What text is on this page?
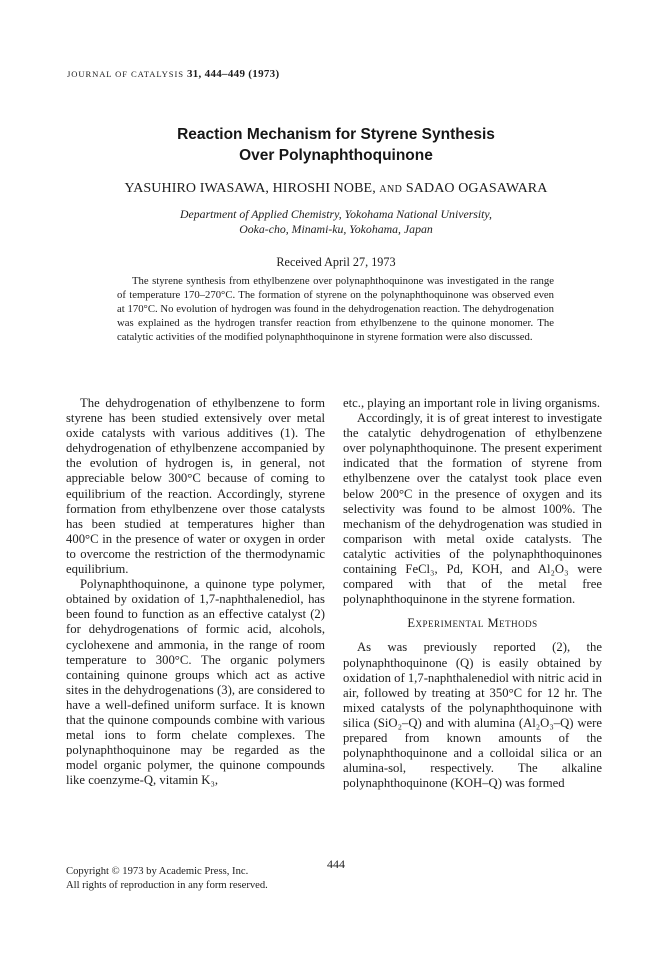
JOURNAL OF CATALYSIS 31, 444–449 (1973)
Reaction Mechanism for Styrene Synthesis
Over Polynaphthoquinone
YASUHIRO IWASAWA, HIROSHI NOBE, AND SADAO OGASAWARA
Department of Applied Chemistry, Yokohama National University,
Ooka-cho, Minami-ku, Yokohama, Japan
Received April 27, 1973

The styrene synthesis from ethylbenzene over polynaphthoquinone was investigated in the range of temperature 170–270°C. The formation of styrene on the polynaphthoquinone was observed even at 170°C. No evolution of hydrogen was found in the dehydrogenation reaction. The dehydrogenation was explained as the hydrogen transfer reaction from ethylbenzene to the quinone monomer. The catalytic activities of the modified polynaphthoquinone in styrene formation were also discussed.

The dehydrogenation of ethylbenzene to form styrene has been studied extensively over metal oxide catalysts with various additives (1). The dehydrogenation of ethylbenzene accompanied by the evolution of hydrogen is, in general, not appreciable below 300°C because of coming to equilibrium of the reaction. Accordingly, styrene formation from ethylbenzene over those catalysts has been studied at temperatures higher than 400°C in the presence of water or oxygen in order to overcome the restriction of the thermodynamic equilibrium.

Polynaphthoquinone, a quinone type polymer, obtained by oxidation of 1,7-naphthalenediol, has been found to function as an effective catalyst (2) for dehydrogenations of formic acid, alcohols, cyclohexene and ammonia, in the range of room temperature to 300°C. The organic polymers containing quinone groups which act as active sites in the dehydrogenations (3), are considered to have a well-defined uniform surface. It is known that the quinone compounds combine with various metal ions to form chelate complexes. The polynaphthoquinone may be regarded as the model organic polymer, the quinone compounds like coenzyme-Q, vitamin K₃,

etc., playing an important role in living organisms.

Accordingly, it is of great interest to investigate the catalytic dehydrogenation of ethylbenzene over polynaphthoquinone. The present experiment indicated that the formation of styrene from ethylbenzene over the catalyst took place even below 200°C in the presence of oxygen and its selectivity was found to be almost 100%. The mechanism of the dehydrogenation was studied in comparison with metal oxide catalysts. The catalytic activities of the polynaphthoquinones containing FeCl₃, Pd, KOH, and Al₂O₃ were compared with that of the metal free polynaphthoquinone in the styrene formation.

Experimental Methods

As was previously reported (2), the polynaphthoquinone (Q) is easily obtained by oxidation of 1,7-naphthalenediol with nitric acid in air, followed by treating at 350°C for 12 hr. The mixed catalysts of the polynaphthoquinone with silica (SiO₂–Q) and with alumina (Al₂O₃–Q) were prepared from known amounts of the polynaphthoquinone and a colloidal silica or an alumina-sol, respectively. The alkaline polynaphthoquinone (KOH–Q) was formed

444
Copyright © 1973 by Academic Press, Inc.
All rights of reproduction in any form reserved.
